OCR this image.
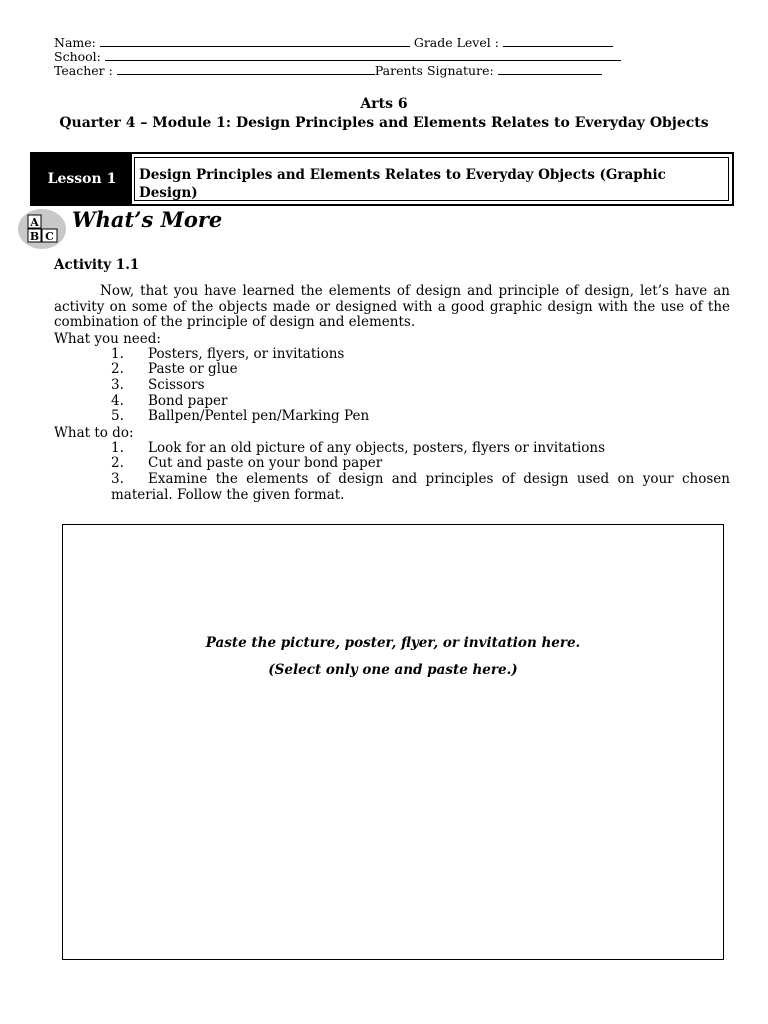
Name:	Grade Level :
School:
Teacher :	Parents Signature:
Arts 6
Quarter 4 – Module 1: Design Principles and Elements Relates to Everyday Objects
Lesson 1	Design Principles and Elements Relates to Everyday Objects (Graphic Design)
A
B C
What’s More
Activity 1.1
Now, that you have learned the elements of design and principle of design, let’s have an activity on some of the objects made or designed with a good graphic design with the use of the combination of the principle of design and elements.
What you need:
1.	Posters, flyers, or invitations
2.	Paste or glue
3.	Scissors
4.	Bond paper
5.	Ballpen/Pentel pen/Marking Pen
What to do:
1.	Look for an old picture of any objects, posters, flyers or invitations
2.	Cut and paste on your bond paper
3. Examine the elements of design and principles of design used on your chosen material. Follow the given format.
Paste the picture, poster, flyer, or invitation here.
(Select only one and paste here.)
